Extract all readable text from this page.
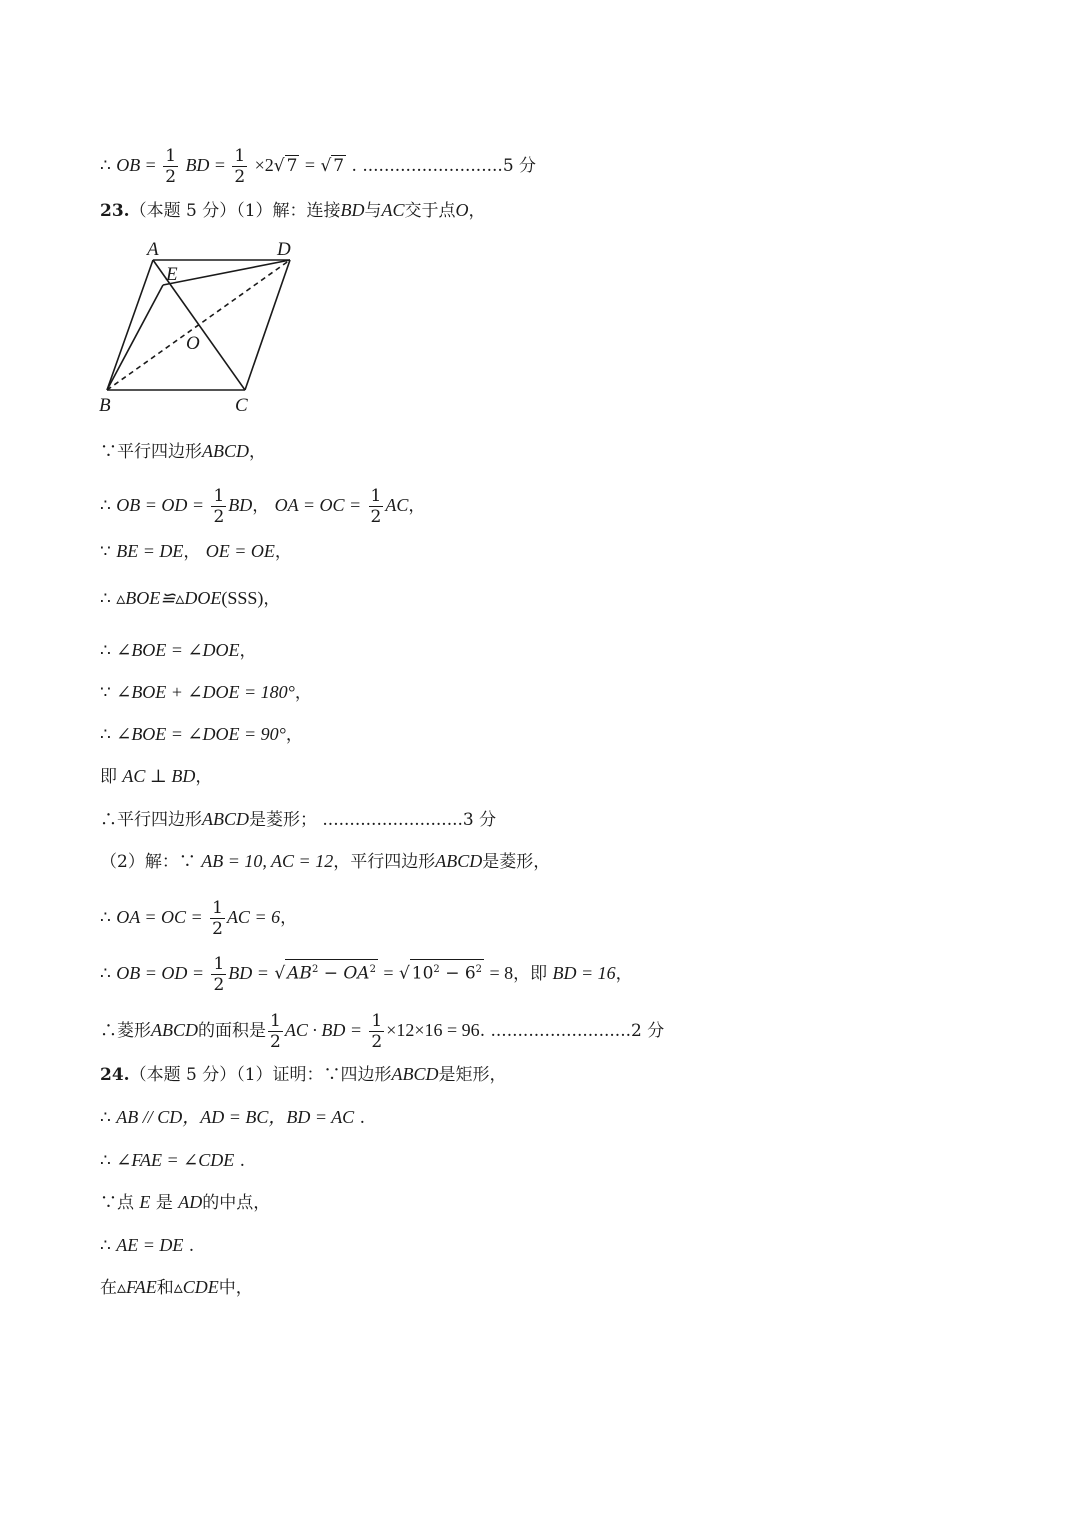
∴ OB = $\frac{1}{2}$ BD = $\frac{1}{2} \times 2√$ 7 = √ 7 . ..........................5 分
23.（本题 5 分）（1）解：连接BD与AC交于点O，
A	D
E
O
B	C
∵平行四边形ABCD，
∴ OB = OD = $\frac{1}{2}$ BD， OA = OC = $\frac{1}{2}$ AC，
∵ BE = DE， OE = OE，
∴ ▵BOE≌▵DOE(SSS)，
∴ ∠BOE = ∠DOE，
∵ ∠BOE + ∠DOE = 180°，
∴ ∠BOE = ∠DOE = 90°，
即 AC ⊥ BD，
∴平行四边形ABCD是菱形； ..........................3 分
（2）解：∵ AB = 10, AC = 12，平行四边形ABCD是菱形，
∴ OA = OC = $\frac{1}{2}$ AC = 6，
∴ OB = OD = $\frac{1}{2}$ BD = √ $AB^2 - OA^2$ = √ $10^2 - 6^2 = 8$，即 BD = 16，
∴菱形ABCD的面积是 $\frac{1}{2}$ AC · BD = $\frac{1}{2} \times 12\times 16 = 96$. ..........................2 分
24.（本题 5 分）（1）证明：∵四边形ABCD是矩形，
∴ AB // CD，AD = BC，BD = AC .
∴ ∠FAE = ∠CDE .
∵点 E 是 AD的中点，
∴ AE = DE .
在▵FAE和▵CDE中，
